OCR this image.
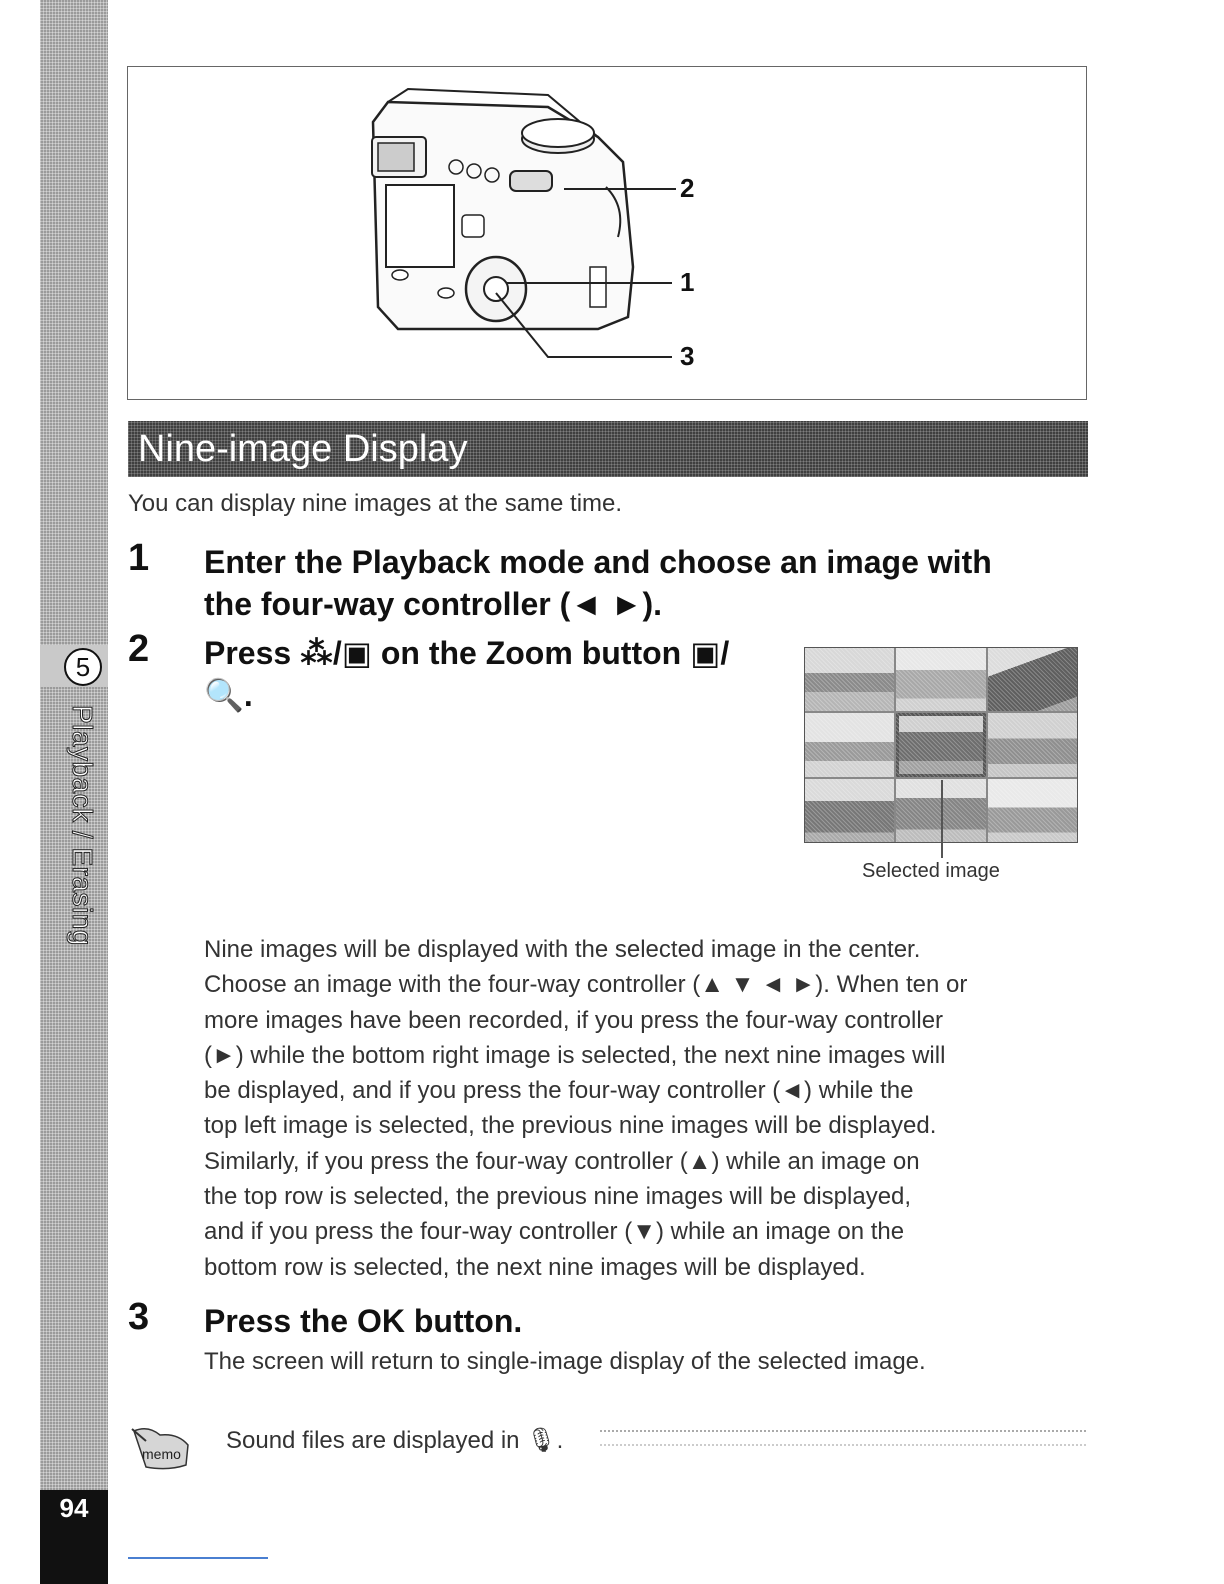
5
Playback / Erasing
94
2
1
3
Nine-image Display
You can display nine images at the same time.
1 Enter the Playback mode and choose an image with
the four-way controller (◄ ►).
2 Press ⁂/▣ on the Zoom button ▣/
🔍.
Selected image

Nine images will be displayed with the selected image in the center.

Choose an image with the four-way controller (▲ ▼ ◄ ►). When ten or

more images have been recorded, if you press the four-way controller

(►) while the bottom right image is selected, the next nine images will

be displayed, and if you press the four-way controller (◄) while the

top left image is selected, the previous nine images will be displayed.

Similarly, if you press the four-way controller (▲) while an image on

the top row is selected, the previous nine images will be displayed,

and if you press the four-way controller (▼) while an image on the

bottom row is selected, the next nine images will be displayed.

3 Press the OK button.
The screen will return to single-image display of the selected image.
memo Sound files are displayed in 🎙.
